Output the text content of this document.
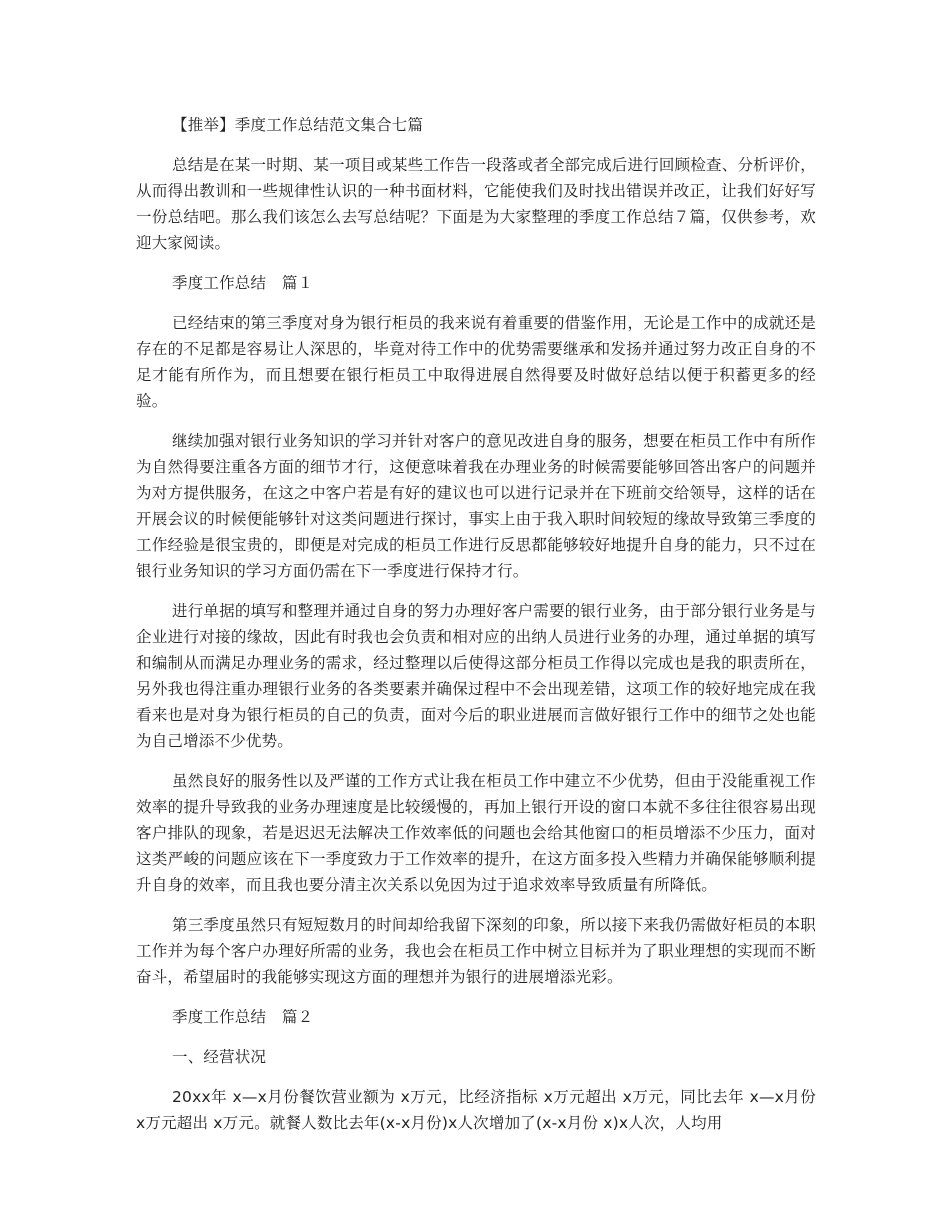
【推举】季度工作总结范文集合七篇

总结是在某一时期、某一项目或某些工作告一段落或者全部完成后进行回顾检查、分析评价，从而得出教训和一些规律性认识的一种书面材料，它能使我们及时找出错误并改正，让我们好好写一份总结吧。那么我们该怎么去写总结呢？下面是为大家整理的季度工作总结７篇，仅供参考，欢迎大家阅读。

季度工作总结　篇１

已经结束的第三季度对身为银行柜员的我来说有着重要的借鉴作用，无论是工作中的成就还是存在的不足都是容易让人深思的，毕竟对待工作中的优势需要继承和发扬并通过努力改正自身的不足才能有所作为，而且想要在银行柜员工中取得进展自然得要及时做好总结以便于积蓄更多的经验。

继续加强对银行业务知识的学习并针对客户的意见改进自身的服务，想要在柜员工作中有所作为自然得要注重各方面的细节才行，这便意味着我在办理业务的时候需要能够回答出客户的问题并为对方提供服务，在这之中客户若是有好的建议也可以进行记录并在下班前交给领导，这样的话在开展会议的时候便能够针对这类问题进行探讨，事实上由于我入职时间较短的缘故导致第三季度的工作经验是很宝贵的，即便是对完成的柜员工作进行反思都能够较好地提升自身的能力，只不过在银行业务知识的学习方面仍需在下一季度进行保持才行。

进行单据的填写和整理并通过自身的努力办理好客户需要的银行业务，由于部分银行业务是与企业进行对接的缘故，因此有时我也会负责和相对应的出纳人员进行业务的办理，通过单据的填写和编制从而满足办理业务的需求，经过整理以后使得这部分柜员工作得以完成也是我的职责所在，另外我也得注重办理银行业务的各类要素并确保过程中不会出现差错，这项工作的较好地完成在我看来也是对身为银行柜员的自己的负责，面对今后的职业进展而言做好银行工作中的细节之处也能为自己增添不少优势。

虽然良好的服务性以及严谨的工作方式让我在柜员工作中建立不少优势，但由于没能重视工作效率的提升导致我的业务办理速度是比较缓慢的，再加上银行开设的窗口本就不多往往很容易出现客户排队的现象，若是迟迟无法解决工作效率低的问题也会给其他窗口的柜员增添不少压力，面对这类严峻的问题应该在下一季度致力于工作效率的提升，在这方面多投入些精力并确保能够顺利提升自身的效率，而且我也要分清主次关系以免因为过于追求效率导致质量有所降低。

第三季度虽然只有短短数月的时间却给我留下深刻的印象，所以接下来我仍需做好柜员的本职工作并为每个客户办理好所需的业务，我也会在柜员工作中树立目标并为了职业理想的实现而不断奋斗，希望届时的我能够实现这方面的理想并为银行的进展增添光彩。

季度工作总结　篇２

一、经营状况

20xx年 x—x月份餐饮营业额为 x万元，比经济指标 x万元超出 x万元，同比去年 x—x月份 x万元超出 x万元。就餐人数比去年(x-x月份)x人次增加了(x-x月份 x)x人次，人均用
